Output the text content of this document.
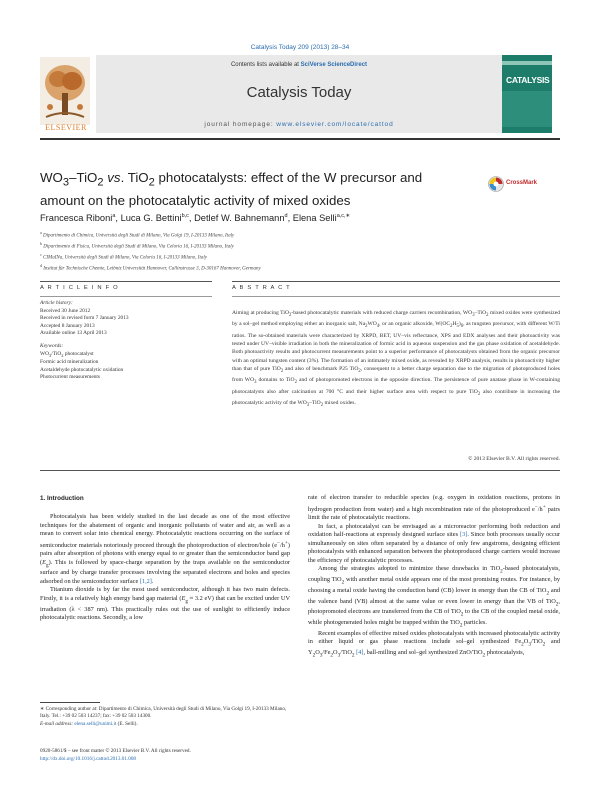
Catalysis Today 209 (2013) 28–34
Contents lists available at SciVerse ScienceDirect
Catalysis Today
journal homepage: www.elsevier.com/locate/cattod
ELSEVIER
CATALYSIS
$WO_3-TiO_2$ vs. TiO$_2$ photocatalysts: effect of the W precursor and amount on the photocatalytic activity of mixed oxides
CrossMark
Francesca Riboni$^a$, Luca G. Bettini$^{b,c}$, Detlef W. Bahnemann$^d$, Elena Selli$^{a,c,∗}$
$^a$ Dipartimento di Chimica, Università degli Studi di Milano, Via Golgi 19, I-20133 Milano, Italy
$^b$ Dipartimento di Fisica, Università degli Studi di Milano, Via Celoria 16, I-20133 Milano, Italy
$^c$ CIMaINa, Università degli Studi di Milano, Via Celoria 16, I-20133 Milano, Italy
$^d$ Institut für Technische Chemie, Leibniz Universität Hannover, Callinstrasse 3, D-30167 Hannover, Germany
A R T I C L E I N F O
Article history:
Received 30 June 2012
Received in revised form 7 January 2013
Accepted 8 January 2013
Available online 13 April 2013
Keywords:
$WO_3/TiO_2$ photocatalyst
Formic acid mineralization
Acetaldehyde photocatalytic oxidation
Photocurrent measurements
A B S T R A C T
Aiming at producing TiO$_2$-based photocatalytic materials with reduced charge carriers recombination, $WO_3-TiO_2$ mixed oxides were synthesized by a sol–gel method employing either an inorganic salt, $Na_2WO_4$, or an organic alkoxide, $W(OC_2H_5)_6$, as tungsten precursor, with different W/Ti ratios. The so-obtained materials were characterized by XRPD, BET, UV–vis reflectance, XPS and EDX analyses and their photoactivity was tested under UV–visible irradiation in both the mineralization of formic acid in aqueous suspension and the gas phase oxidation of acetaldehyde. Both photoactivity results and photocurrent measurements point to a superior performance of photocatalysts obtained from the organic precursor with an optimal tungsten content (3%). The formation of an intimately mixed oxide, as revealed by XRPD analysis, results in photoactivity higher than that of pure TiO$_2$ and also of benchmark P25 TiO$_2$, consequent to a better charge separation due to the migration of photoproduced holes from $WO_3$ domains to TiO$_2$ and of photopromoted electrons in the opposite direction. The persistence of pure anatase phase in W-containing photocatalysts also after calcination at 700 °C and their higher surface area with respect to pure TiO$_2$ also contribute in increasing the photocatalytic activity of the $WO_3-TiO_2$ mixed oxides.
© 2013 Elsevier B.V. All rights reserved.
1. Introduction

Photocatalysis has been widely studied in the last decade as one of the most effective techniques for the abatement of organic and inorganic pollutants of water and air, as well as a mean to convert solar into chemical energy. Photocatalytic reactions occurring on the surface of semiconductor materials notoriously proceed through the photoproduction of electron/hole (e−/h+) pairs after absorption of photons with energy equal to or greater than the semiconductor band gap $(E_g)$. This is followed by space-charge separation by the traps available on the semiconductor surface and by charge transfer processes involving the separated electrons and holes and species adsorbed on the semiconductor surface [1,2].

Titanium dioxide is by far the most used semiconductor, although it has two main defects. Firstly, it is a relatively high energy band gap material ($E_g \approx 3.2$ eV) that can be excited under UV irradiation (λ < 387 nm). This practically rules out the use of sunlight to efficiently induce photocatalytic reactions. Secondly, a low

rate of electron transfer to reducible species (e.g. oxygen in oxidation reactions, protons in hydrogen production from water) and a high recombination rate of the photoproduced e−/h+ pairs limit the rate of photocatalytic reactions.

In fact, a photocatalyst can be envisaged as a microreactor performing both reduction and oxidation half-reactions at expressly designed surface sites [3]. Since both processes usually occur simultaneously on sites often separated by a distance of only few angstroms, designing efficient photocatalysts with enhanced separation between the photoproduced charge carriers would increase the efficiency of photocatalytic processes.

Among the strategies adopted to minimize these drawbacks in TiO$_2$-based photocatalysts, coupling TiO$_2$ with another metal oxide appears one of the most promising routes. For instance, by choosing a metal oxide having the conduction band (CB) lower in energy than the CB of TiO$_2$ and the valence band (VB) almost at the same value or even lower in energy than the VB of TiO$_2$, photopromoted electrons are transferred from the CB of TiO$_2$ to the CB of the coupled metal oxide, while photogenerated holes might be trapped within the TiO$_2$ particles.

Recent examples of effective mixed oxides photocatalysts with increased photocatalytic activity in either liquid or gas phase reactions include sol–gel synthesized $Fe_2O_3/TiO_2$ and $Y_2O_3/Fe_2O_3/TiO_2$ [4], ball-milling and sol–gel synthesized ZnO/TiO$_2$ photocatalysts,

∗ Corresponding author at: Dipartimento di Chimica, Università degli Studi di Milano, Via Golgi 19, I-20133 Milano, Italy. Tel.: +39 02 503 14237; fax: +39 02 503 14300.
E-mail address: elena.selli@unimi.it (E. Selli).
0920-5861/$ – see front matter © 2013 Elsevier B.V. All rights reserved.
http://dx.doi.org/10.1016/j.cattod.2013.01.008
